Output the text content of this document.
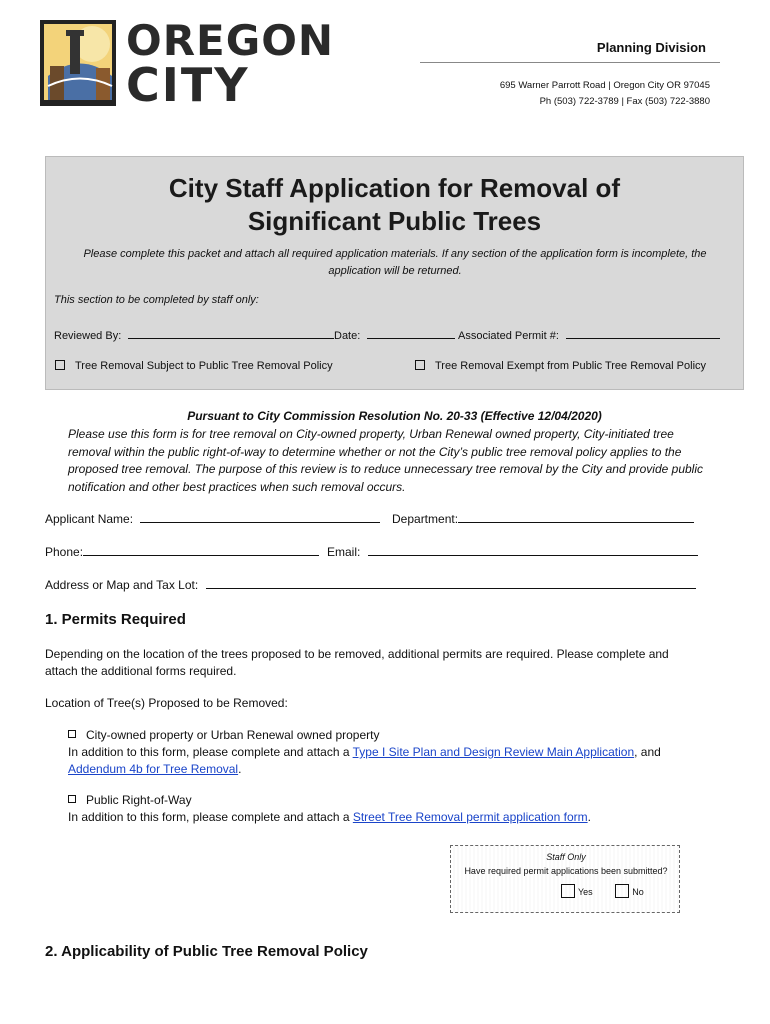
OREGON
CITY
Planning Division
695 Warner Parrott Road | Oregon City OR 97045
Ph (503) 722-3789 | Fax (503) 722-3880
City Staff Application for Removal of
Significant Public Trees
Please complete this packet and attach all required application materials. If any section of the application form is incomplete, the application will be returned.
This section to be completed by staff only:
Reviewed By:	Date:	Associated Permit #:
Tree Removal Subject to Public Tree Removal Policy	Tree Removal Exempt from Public Tree Removal Policy
Pursuant to City Commission Resolution No. 20-33 (Effective 12/04/2020)
Please use this form is for tree removal on City-owned property, Urban Renewal owned property, City-initiated tree removal within the public right-of-way to determine whether or not the City’s public tree removal policy applies to the proposed tree removal. The purpose of this review is to reduce unnecessary tree removal by the City and provide public notification and other best practices when such removal occurs.
Applicant Name:	Department:
Phone:	Email:
Address or Map and Tax Lot:
1. Permits Required
Depending on the location of the trees proposed to be removed, additional permits are required. Please complete and attach the additional forms required.
Location of Tree(s) Proposed to be Removed:
City-owned property or Urban Renewal owned property
In addition to this form, please complete and attach a Type I Site Plan and Design Review Main Application, and
Addendum 4b for Tree Removal.
Public Right-of-Way
In addition to this form, please complete and attach a Street Tree Removal permit application form.
Staff Only
Have required permit applications been submitted?
Yes	No
2. Applicability of Public Tree Removal Policy
